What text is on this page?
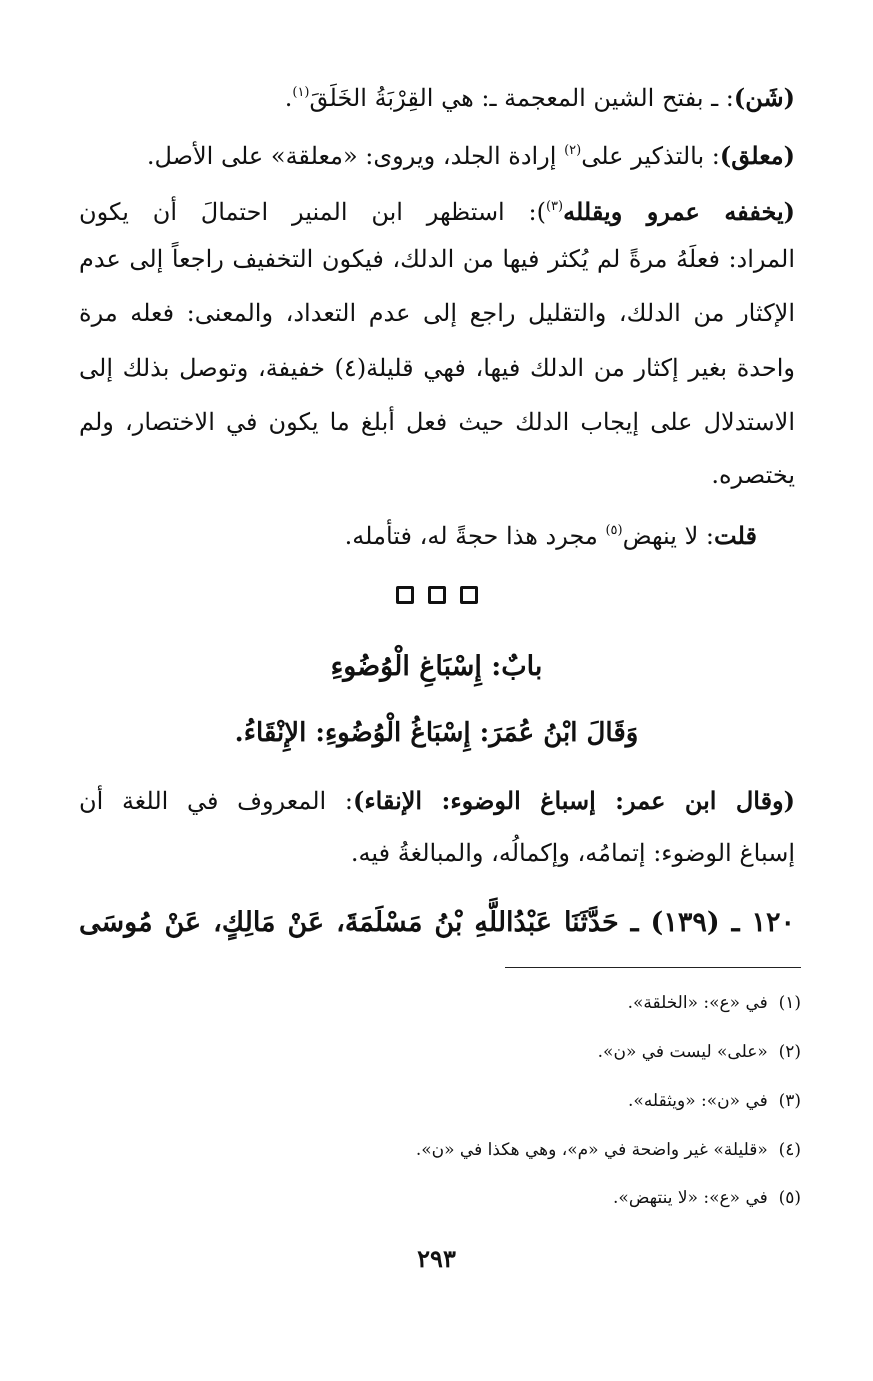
(شَن): ـ بفتح الشين المعجمة ـ: هي القِرْبَةُ الخَلَقَ$^{(١)}$.
(معلق): بالتذكير على$^{(٢)}$ إرادة الجلد، ويروى: «معلقة» على الأصل.
(يخففه عمرو ويقلله$^{(٣)}$): استظهر ابن المنير احتمالَ أن يكون
المراد: فعلَهُ مرةً لم يُكثر فيها من الدلك، فيكون التخفيف راجعاً إلى عدم
الإكثار من الدلك، والتقليل راجع إلى عدم التعداد، والمعنى: فعله مرة
واحدة بغير إكثار من الدلك فيها، فهي قليلة(٤) خفيفة، وتوصل بذلك إلى
الاستدلال على إيجاب الدلك حيث فعل أبلغ ما يكون في الاختصار، ولم
يختصره.
قلت: لا ينهض$^{(٥)}$ مجرد هذا حجةً له، فتأمله.
بابٌ: إِسْبَاغِ الْوُضُوءِ
وَقَالَ ابْنُ عُمَرَ: إِسْبَاغُ الْوُضُوءِ: الإِنْقَاءُ.
(وقال ابن عمر: إسباغ الوضوء: الإنقاء): المعروف في اللغة أن
إسباغ الوضوء: إتمامُه، وإكمالُه، والمبالغةُ فيه.
١٢٠ ـ (١٣٩) ـ حَدَّثَنَا عَبْدُاللَّهِ بْنُ مَسْلَمَةَ، عَنْ مَالِكٍ، عَنْ مُوسَى
(١)  في «ع»: «الخلقة».
(٢)  «على» ليست في «ن».
(٣)  في «ن»: «ويثقله».
(٤)  «قليلة» غير واضحة في «م»، وهي هكذا في «ن».
(٥)  في «ع»: «لا ينتهض».
٢٩٣
